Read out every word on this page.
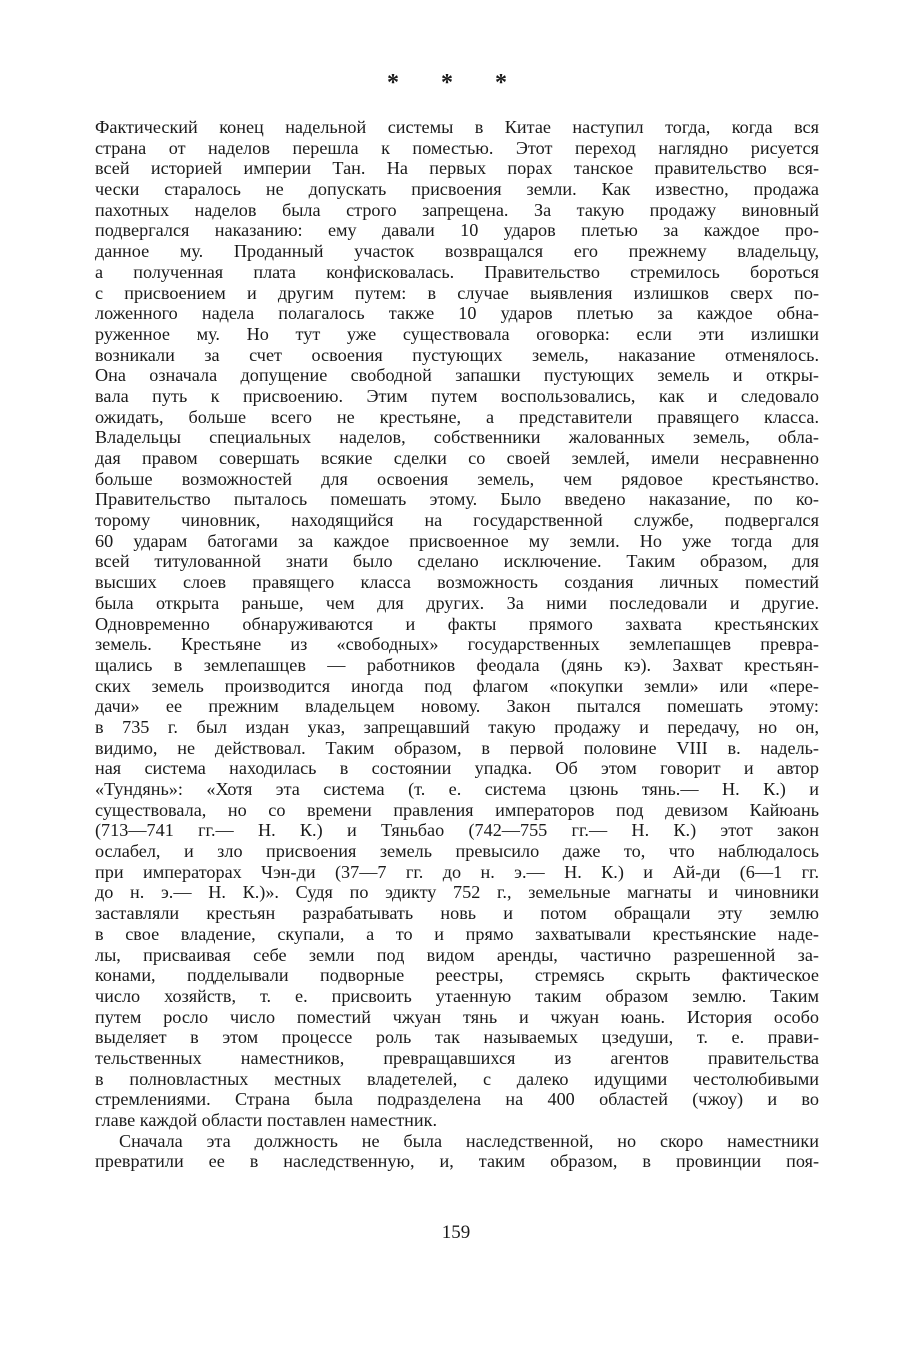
* * *
Фактический конец надельной системы в Китае наступил тогда, когда вся
страна от наделов перешла к поместью. Этот переход наглядно рисуется
всей историей империи Тан. На первых порах танское правительство вся-
чески старалось не допускать присвоения земли. Как известно, продажа
пахотных наделов была строго запрещена. За такую продажу виновный
подвергался наказанию: ему давали 10 ударов плетью за каждое про-
данное му. Проданный участок возвращался его прежнему владельцу,
а полученная плата конфисковалась. Правительство стремилось бороться
с присвоением и другим путем: в случае выявления излишков сверх по-
ложенного надела полагалось также 10 ударов плетью за каждое обна-
руженное му. Но тут уже существовала оговорка: если эти излишки
возникали за счет освоения пустующих земель, наказание отменялось.
Она означала допущение свободной запашки пустующих земель и откры-
вала путь к присвоению. Этим путем воспользовались, как и следовало
ожидать, больше всего не крестьяне, а представители правящего класса.
Владельцы специальных наделов, собственники жалованных земель, обла-
дая правом совершать всякие сделки со своей землей, имели несравненно
больше возможностей для освоения земель, чем рядовое крестьянство.
Правительство пыталось помешать этому. Было введено наказание, по ко-
торому чиновник, находящийся на государственной службе, подвергался
60 ударам батогами за каждое присвоенное му земли. Но уже тогда для
всей титулованной знати было сделано исключение. Таким образом, для
высших слоев правящего класса возможность создания личных поместий
была открыта раньше, чем для других. За ними последовали и другие.
Одновременно обнаруживаются и факты прямого захвата крестьянских
земель. Крестьяне из «свободных» государственных землепашцев превра-
щались в землепашцев — работников феодала (дянь кэ). Захват крестьян-
ских земель производится иногда под флагом «покупки земли» или «пере-
дачи» ее прежним владельцем новому. Закон пытался помешать этому:
в 735 г. был издан указ, запрещавший такую продажу и передачу, но он,
видимо, не действовал. Таким образом, в первой половине VIII в. надель-
ная система находилась в состоянии упадка. Об этом говорит и автор
«Тундянь»: «Хотя эта система (т. е. система цзюнь тянь.— Н. К.) и
существовала, но со времени правления императоров под девизом Кайюань
(713—741 гг.— Н. К.) и Тяньбао (742—755 гг.— Н. К.) этот закон
ослабел, и зло присвоения земель превысило даже то, что наблюдалось
при императорах Чэн-ди (37—7 гг. до н. э.— Н. К.) и Ай-ди (6—1 гг.
до н. э.— Н. К.)». Судя по эдикту 752 г., земельные магнаты и чиновники
заставляли крестьян разрабатывать новь и потом обращали эту землю
в свое владение, скупали, а то и прямо захватывали крестьянские наде-
лы, присваивая себе земли под видом аренды, частично разрешенной за-
конами, подделывали подворные реестры, стремясь скрыть фактическое
число хозяйств, т. е. присвоить утаенную таким образом землю. Таким
путем росло число поместий чжуан тянь и чжуан юань. История особо
выделяет в этом процессе роль так называемых цзедуши, т. е. прави-
тельственных наместников, превращавшихся из агентов правительства
в полновластных местных владетелей, с далеко идущими честолюбивыми
стремлениями. Страна была подразделена на 400 областей (чжоу) и во
главе каждой области поставлен наместник.
Сначала эта должность не была наследственной, но скоро наместники
превратили ее в наследственную, и, таким образом, в провинции поя-
159
